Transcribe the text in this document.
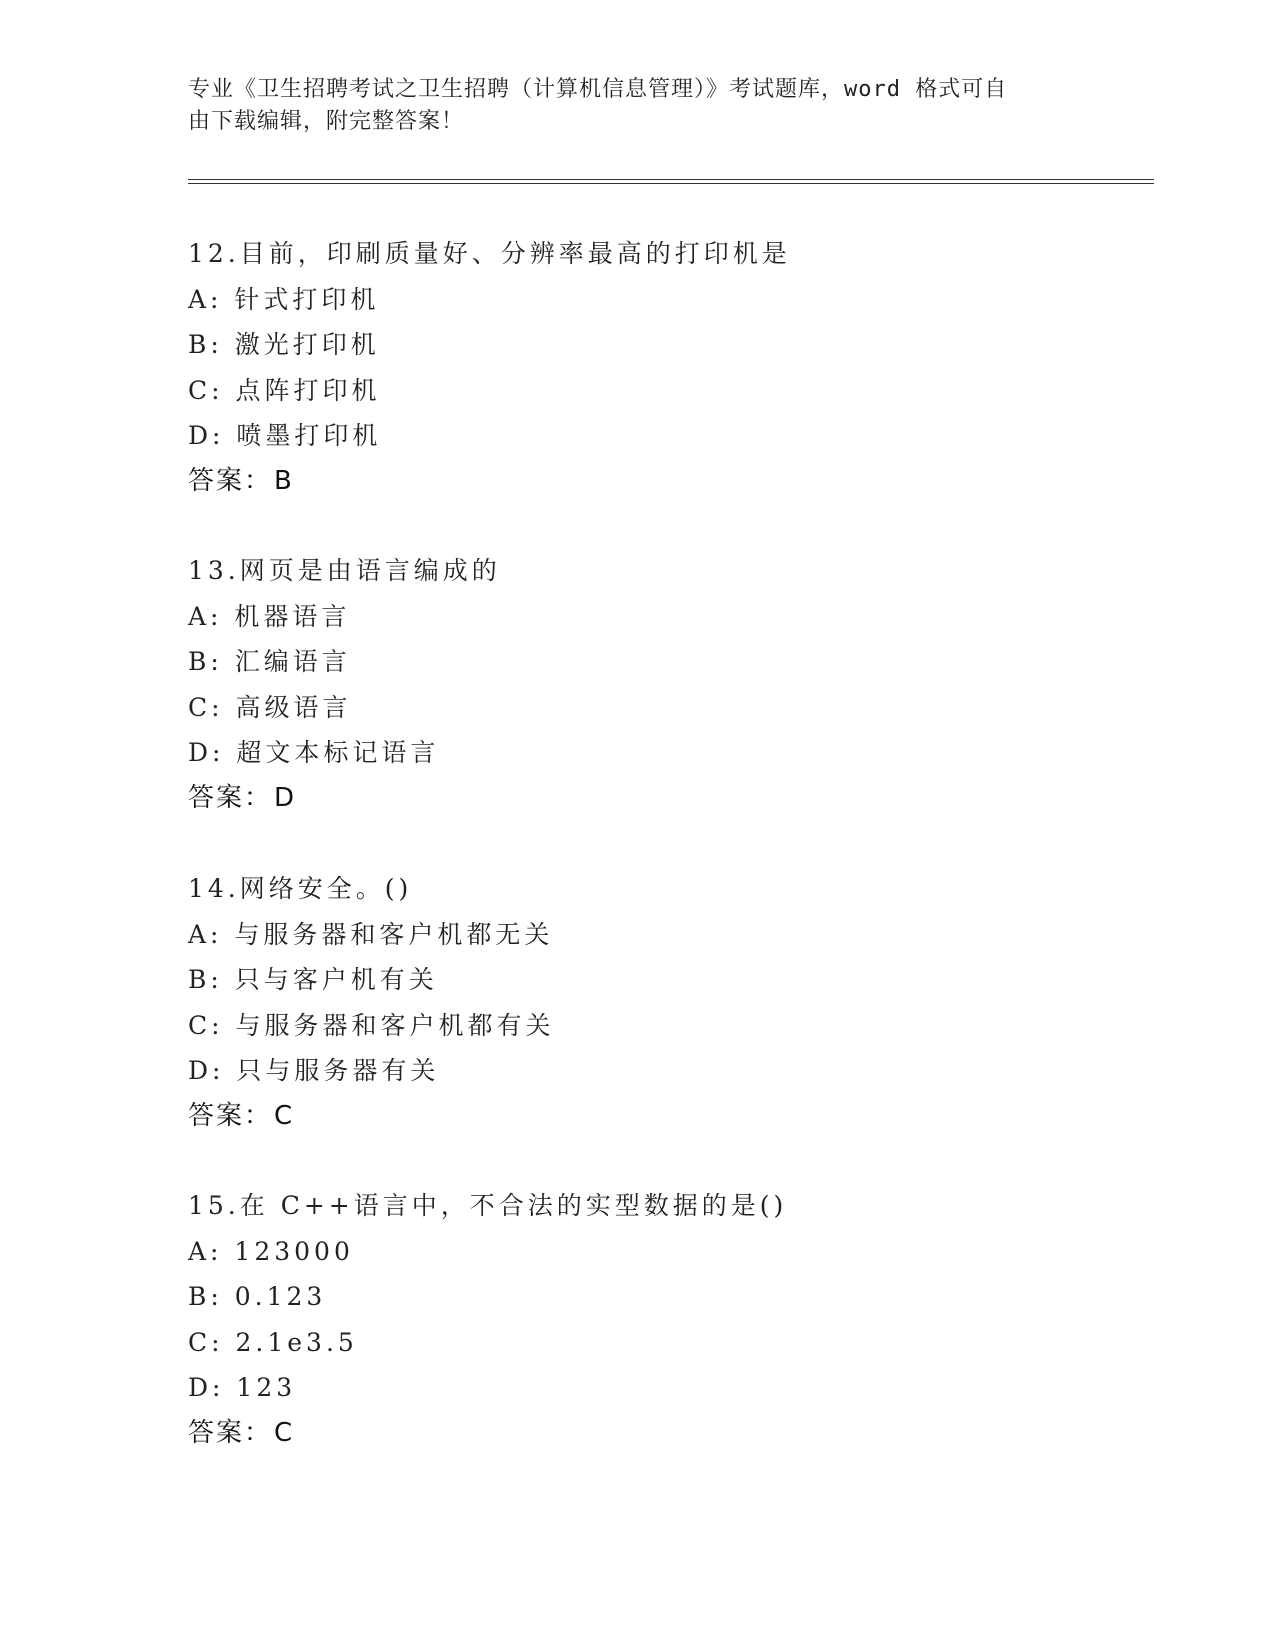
专业《卫生招聘考试之卫生招聘（计算机信息管理）》考试题库，word 格式可自
由下载编辑，附完整答案！
12.目前，印刷质量好、分辨率最高的打印机是
A: 针式打印机
B: 激光打印机
C: 点阵打印机
D: 喷墨打印机
答案：B
13.网页是由语言编成的
A: 机器语言
B: 汇编语言
C: 高级语言
D: 超文本标记语言
答案：D
14.网络安全。()
A: 与服务器和客户机都无关
B: 只与客户机有关
C: 与服务器和客户机都有关
D: 只与服务器有关
答案：C
15.在 C++语言中，不合法的实型数据的是()
A: 123000
B: 0.123
C: 2.1e3.5
D: 123
答案：C
